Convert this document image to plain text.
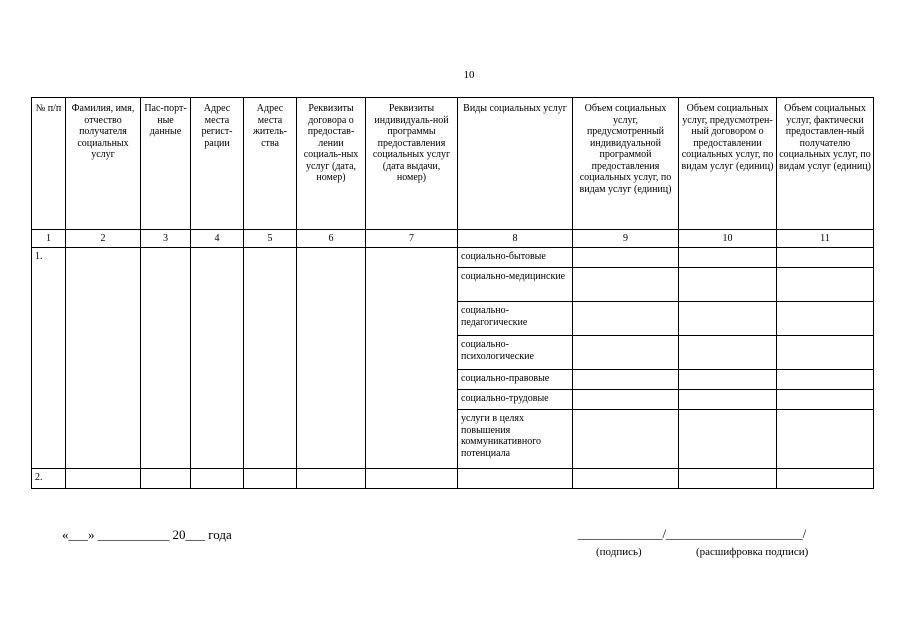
10
№ п/п	Фамилия, имя, отчество получателя социальных услуг	Пас-порт-ные данные	Адрес места регист-рации	Адрес места житель-ства	Реквизиты договора о предостав-лении социаль-ных услуг (дата, номер)	Реквизиты индивидуаль-ной программы предоставления социальных услуг (дата выдачи, номер)	Виды социальных услуг	Объем социальных услуг, предусмотренный индивидуальной программой предоставления социальных услуг, по видам услуг (единиц)	Объем социальных услуг, предусмотрен-ный договором о предоставлении социальных услуг, по видам услуг (единиц)	Объем социальных услуг, фактически предоставлен-ный получателю социальных услуг, по видам услуг (единиц)
1	2	3	4	5	6	7	8	9	10	11
1.							социально-бытовые			
							социально-медицинские			
							социально-педагогические			
							социально-психологические			
							социально-правовые			
							социально-трудовые			
							услуги в целях повышения коммуникативного потенциала			
2.										
«___» ___________ 20___ года	_____________/_____________________/
(подпись)	(расшифровка подписи)
